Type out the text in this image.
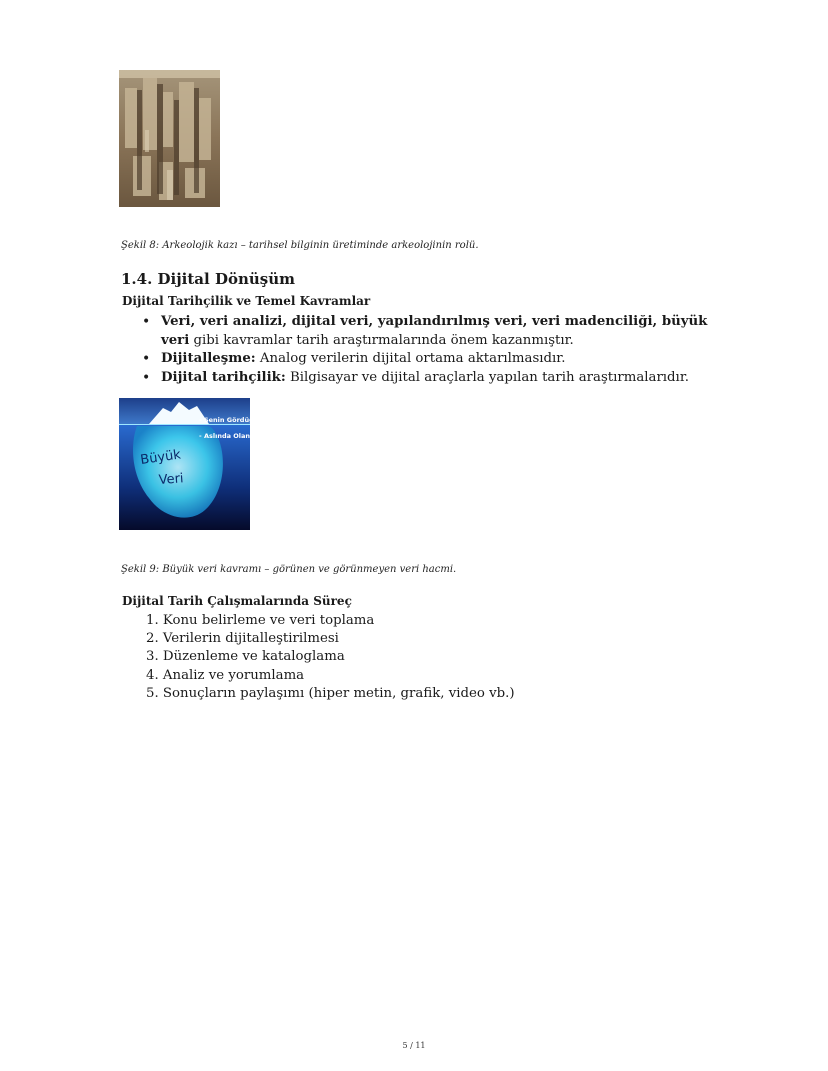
Şekil 8: Arkeolojik kazı – tarihsel bilginin üretiminde arkeolojinin rolü.
1.4. Dijital Dönüşüm
Dijital Tarihçilik ve Temel Kavramlar
• Veri, veri analizi, dijital veri, yapılandırılmış veri, veri madenciliği, büyük veri gibi kavramlar tarih araştırmalarında önem kazanmıştır.
• Dijitalleşme: Analog verilerin dijital ortama aktarılmasıdır.
• Dijital tarihçilik: Bilgisayar ve dijital araçlarla yapılan tarih araştırmalarıdır.
- Senin Gördüğün
- Aslında Olan
Büyük
Veri
Şekil 9: Büyük veri kavramı – görünen ve görünmeyen veri hacmi.
Dijital Tarih Çalışmalarında Süreç
1. Konu belirleme ve veri toplama
2. Verilerin dijitalleştirilmesi
3. Düzenleme ve kataloglama
4. Analiz ve yorumlama
5. Sonuçların paylaşımı (hiper metin, grafik, video vb.)
5 / 11
